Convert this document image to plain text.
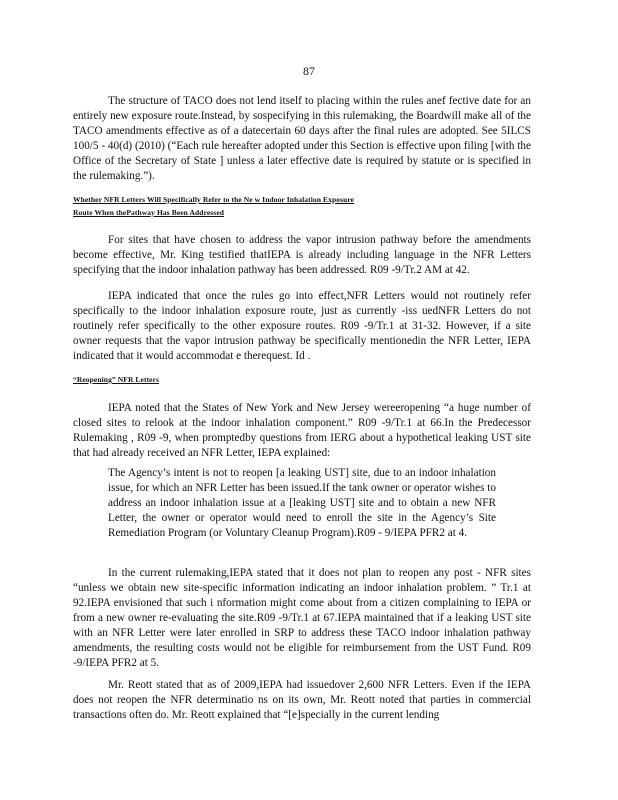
87

The structure of TACO does not lend itself to placing within the rules anef fective date for an entirely new exposure route.Instead, by sospecifying in this rulemaking, the Boardwill make all of the TACO amendments effective as of a datecertain 60 days after the final rules are adopted. See 5ILCS 100/5 - 40(d) (2010) (“Each rule hereafter adopted under this Section is effective upon filing [with the Office of the Secretary of State ] unless a later effective date is required by statute or is specified in the rulemaking.”).

Whether NFR Letters Will Specifically Refer to the Ne w Indoor Inhalation Exposure
Route When thePathway Has Been Addressed

For sites that have chosen to address the vapor intrusion pathway before the amendments become effective, Mr. King testified thatIEPA is already including language in the NFR Letters specifying that the indoor inhalation pathway has been addressed. R09 -9/Tr.2 AM at 42.

IEPA indicated that once the rules go into effect,NFR Letters would not routinely refer specifically to the indoor inhalation exposure route, just as currently -iss uedNFR Letters do not routinely refer specifically to the other exposure routes. R09 -9/Tr.1 at 31-32. However, if a site owner requests that the vapor intrusion pathway be specifically mentionedin the NFR Letter, IEPA indicated that it would accommodat e therequest. Id .

“Reopening” NFR Letters

IEPA noted that the States of New York and New Jersey wereeropening “a huge number of closed sites to relook at the indoor inhalation component.” R09 -9/Tr.1 at 66.In the Predecessor Rulemaking , R09 -9, when promptedby questions from IERG about a hypothetical leaking UST site that had already received an NFR Letter, IEPA explained:

The Agency’s intent is not to reopen [a leaking UST] site, due to an indoor inhalation issue, for which an NFR Letter has been issued.If the tank owner or operator wishes to address an indoor inhalation issue at a [leaking UST] site and to obtain a new NFR Letter, the owner or operator would need to enroll the site in the Agency’s Site Remediation Program (or Voluntary Cleanup Program).R09 - 9/IEPA PFR2 at 4.

In the current rulemaking,IEPA stated that it does not plan to reopen any post - NFR sites “unless we obtain new site-specific information indicating an indoor inhalation problem. ” Tr.1 at 92.IEPA envisioned that such i nformation might come about from a citizen complaining to IEPA or from a new owner re-evaluating the site.R09 -9/Tr.1 at 67.IEPA maintained that if a leaking UST site with an NFR Letter were later enrolled in SRP to address these TACO indoor inhalation pathway amendments, the resulting costs would not be eligible for reimbursement from the UST Fund. R09 -9/IEPA PFR2 at 5.

Mr. Reott stated that as of 2009,IEPA had issuedover 2,600 NFR Letters. Even if the IEPA does not reopen the NFR determinatio ns on its own, Mr. Reott noted that parties in commercial transactions often do. Mr. Reott explained that “[e]specially in the current lending
